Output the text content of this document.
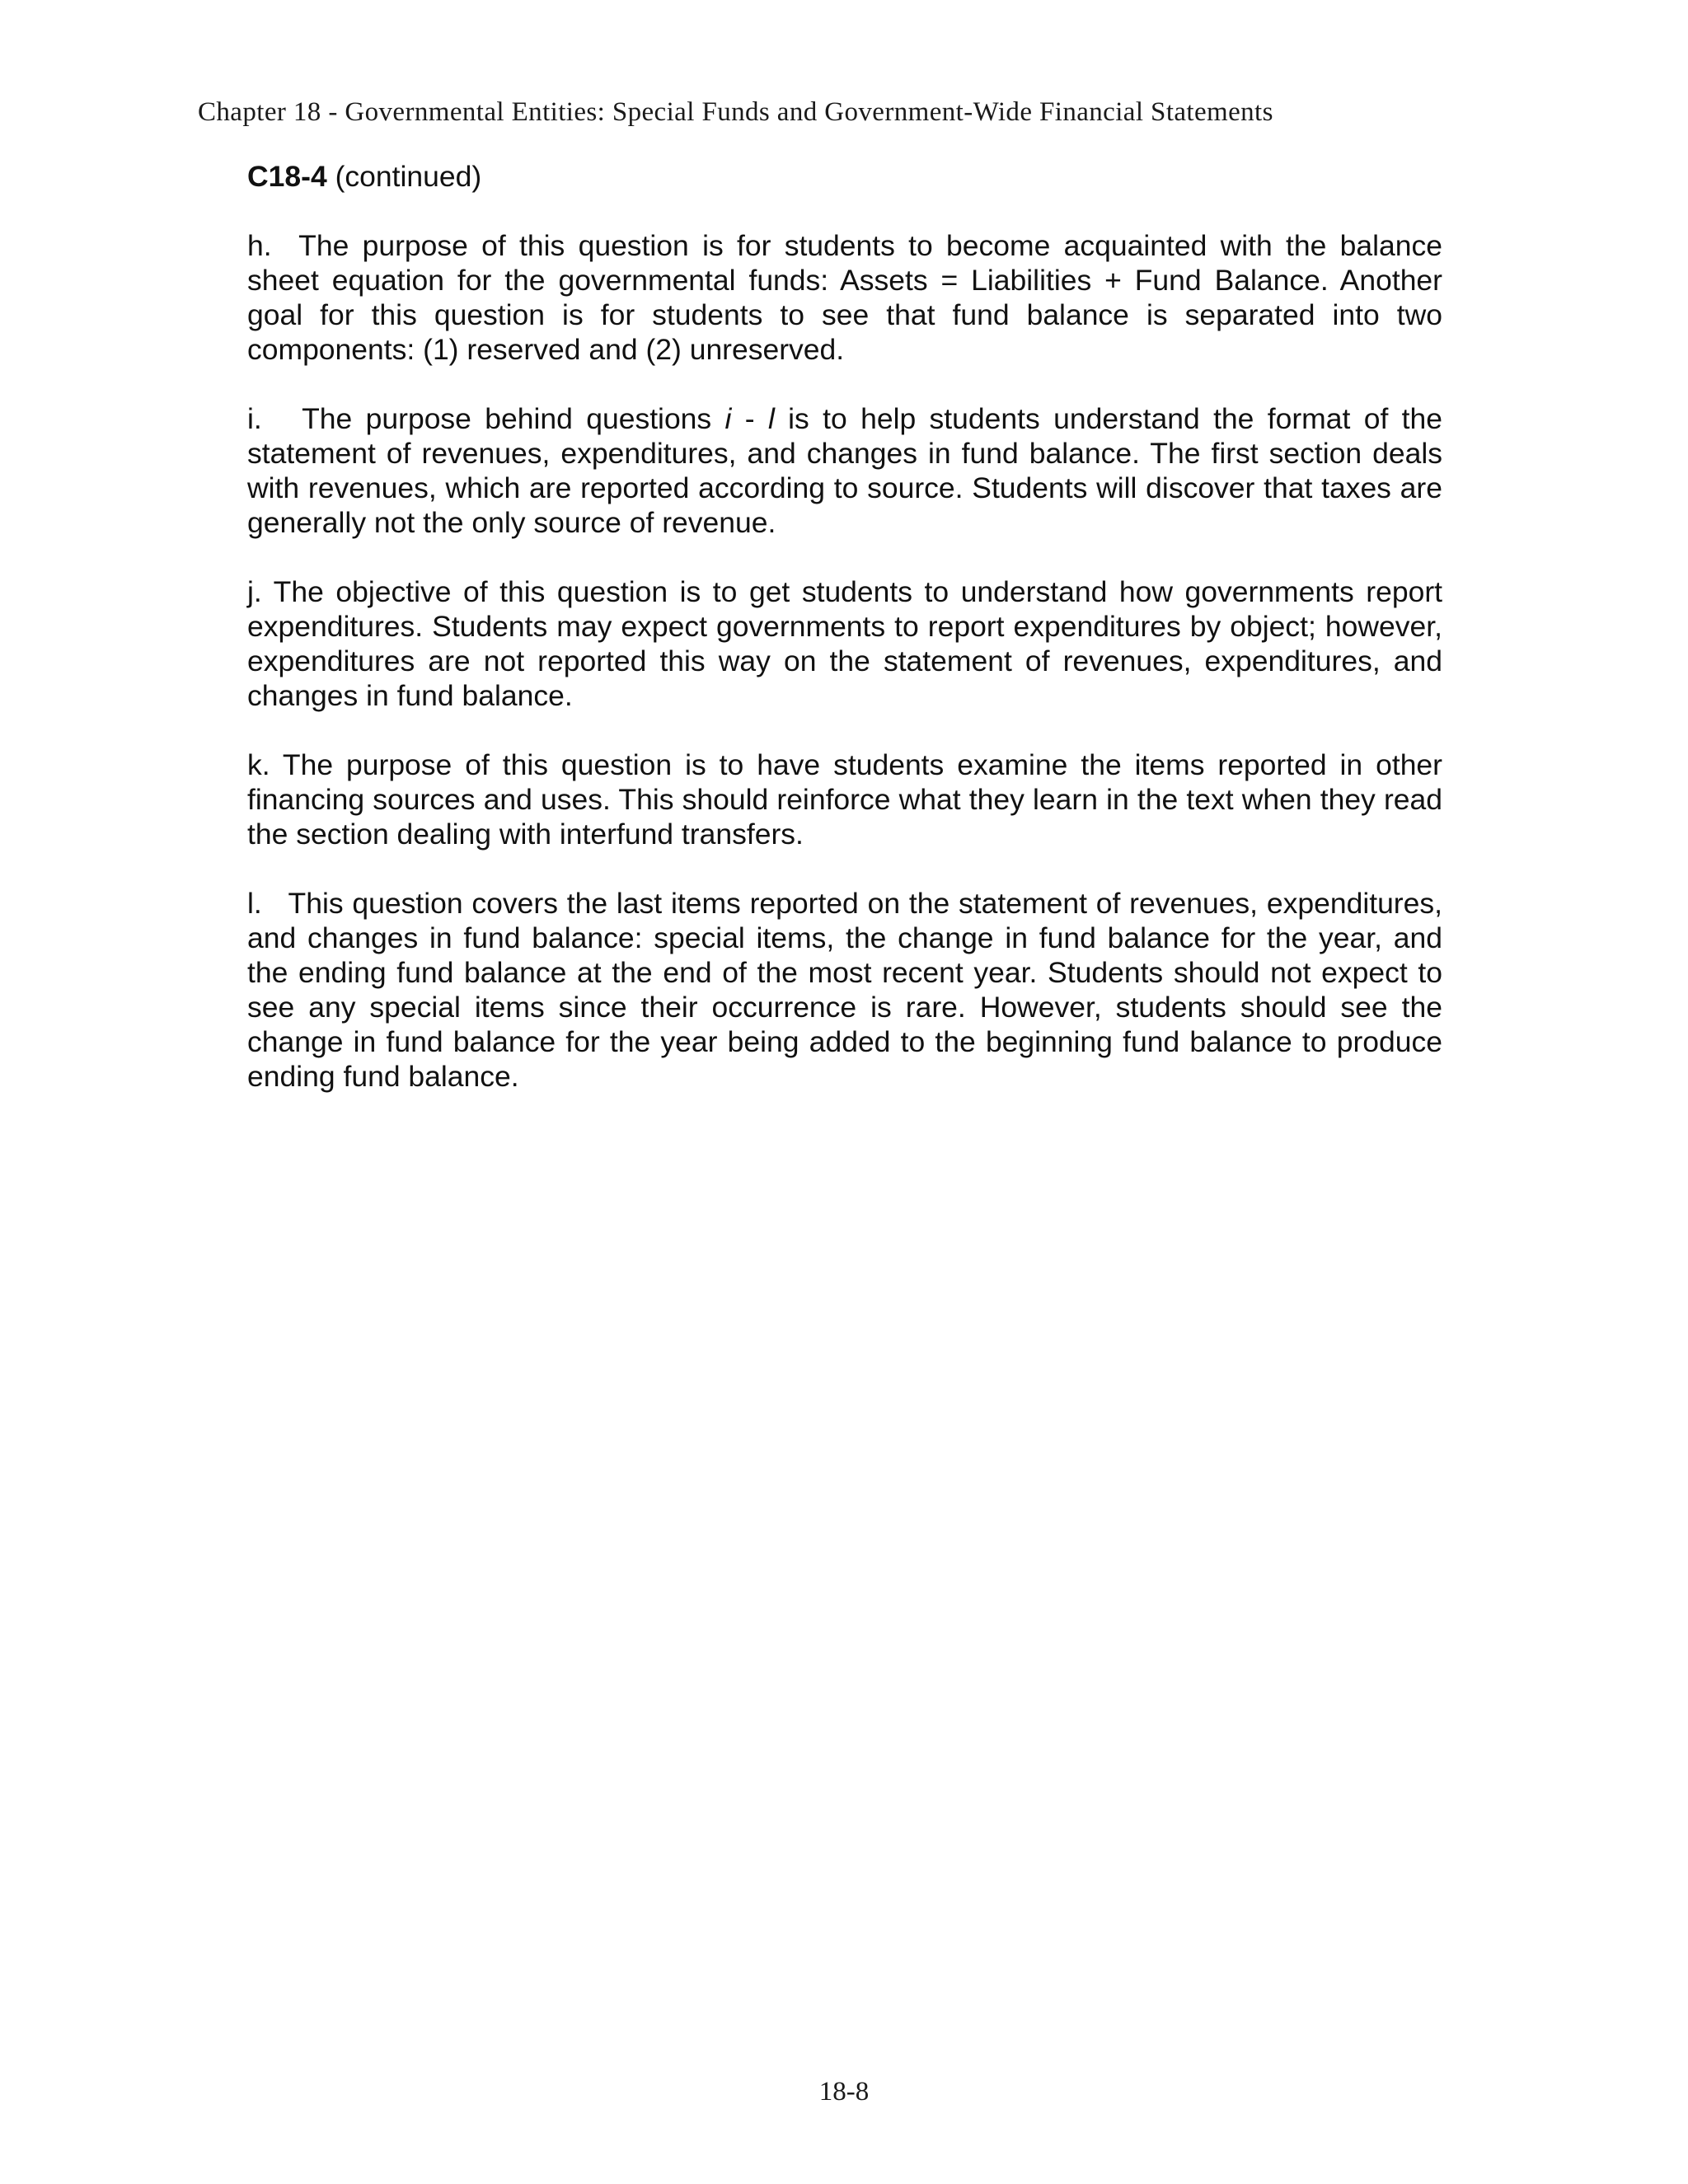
Chapter 18 - Governmental Entities: Special Funds and Government-Wide Financial Statements

C18-4 (continued)

h.  The purpose of this question is for students to become acquainted with the balance sheet equation for the governmental funds: Assets = Liabilities + Fund Balance. Another goal for this question is for students to see that fund balance is separated into two components: (1) reserved and (2) unreserved.

i.   The purpose behind questions i - l is to help students understand the format of the statement of revenues, expenditures, and changes in fund balance. The first section deals with revenues, which are reported according to source. Students will discover that taxes are generally not the only source of revenue.

j. The objective of this question is to get students to understand how governments report expenditures. Students may expect governments to report expenditures by object; however, expenditures are not reported this way on the statement of revenues, expenditures, and changes in fund balance.

k. The purpose of this question is to have students examine the items reported in other financing sources and uses. This should reinforce what they learn in the text when they read the section dealing with interfund transfers.

l.   This question covers the last items reported on the statement of revenues, expenditures, and changes in fund balance: special items, the change in fund balance for the year, and the ending fund balance at the end of the most recent year. Students should not expect to see any special items since their occurrence is rare. However, students should see the change in fund balance for the year being added to the beginning fund balance to produce ending fund balance.

18-8
